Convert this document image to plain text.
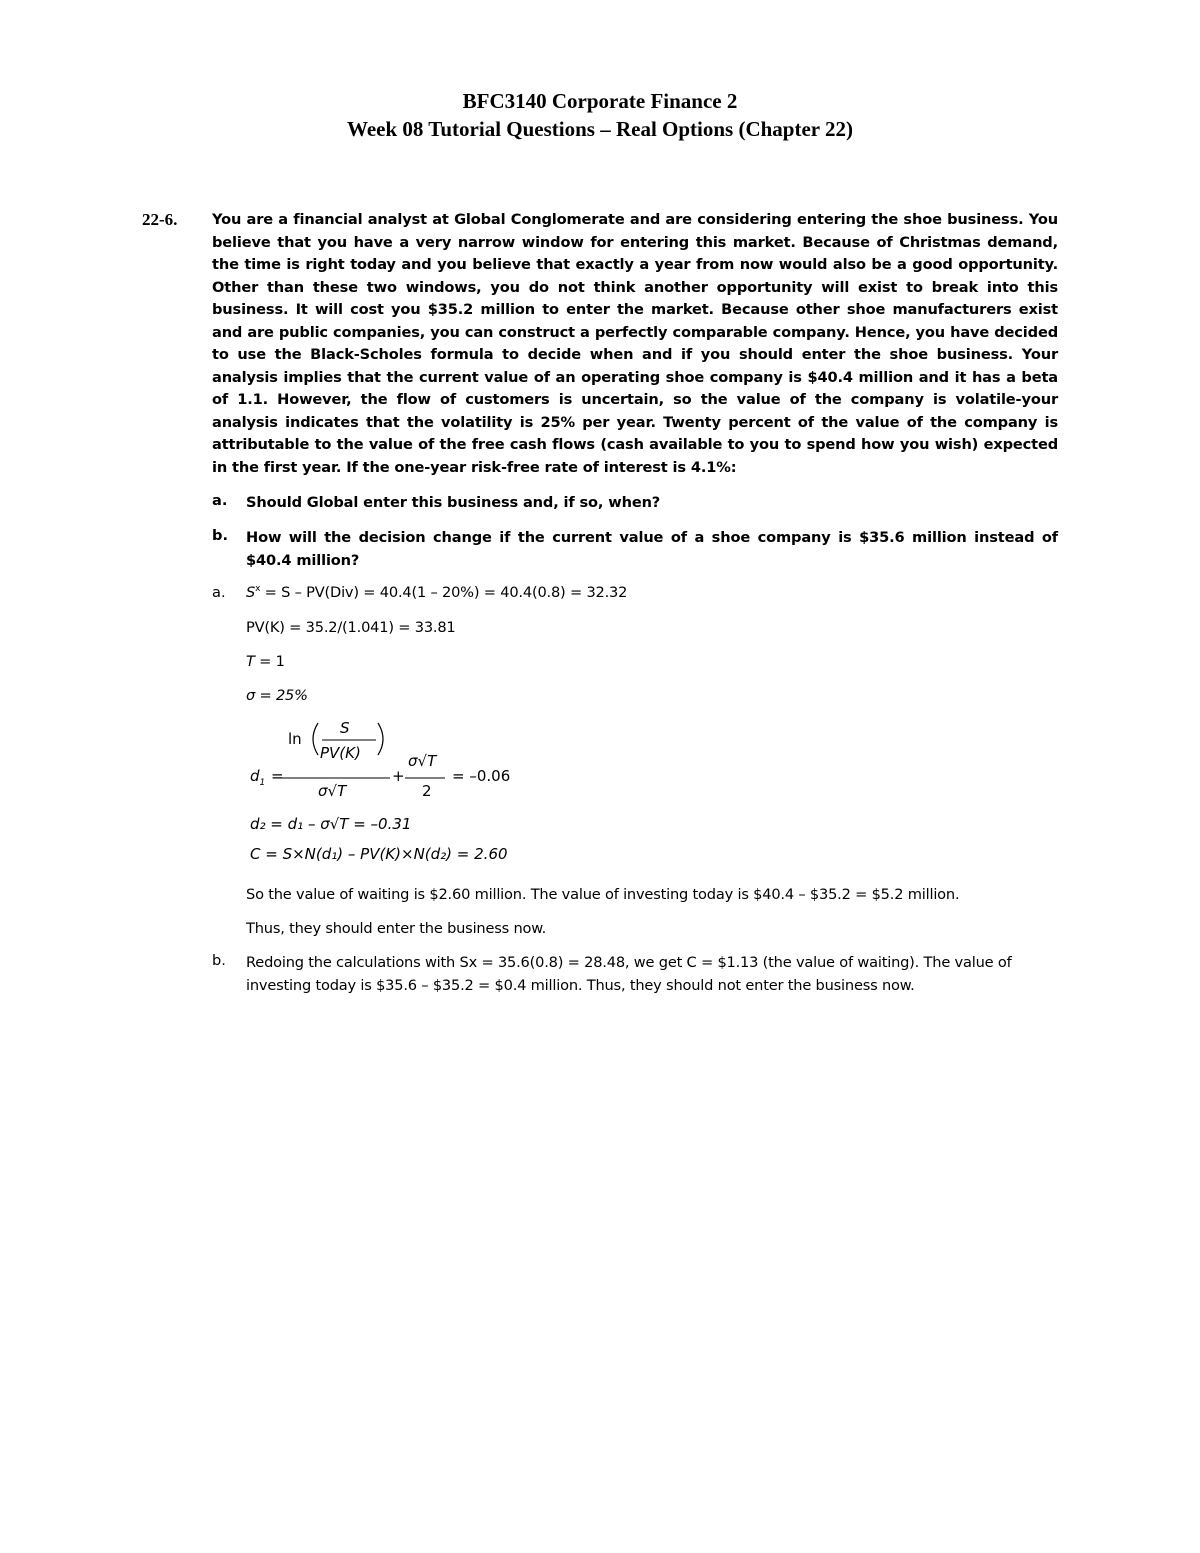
BFC3140 Corporate Finance 2
Week 08 Tutorial Questions – Real Options (Chapter 22)
22-6. You are a financial analyst at Global Conglomerate and are considering entering the shoe business. You believe that you have a very narrow window for entering this market. Because of Christmas demand, the time is right today and you believe that exactly a year from now would also be a good opportunity. Other than these two windows, you do not think another opportunity will exist to break into this business. It will cost you $35.2 million to enter the market. Because other shoe manufacturers exist and are public companies, you can construct a perfectly comparable company. Hence, you have decided to use the Black-Scholes formula to decide when and if you should enter the shoe business. Your analysis implies that the current value of an operating shoe company is $40.4 million and it has a beta of 1.1. However, the flow of customers is uncertain, so the value of the company is volatile-your analysis indicates that the volatility is 25% per year. Twenty percent of the value of the company is attributable to the value of the free cash flows (cash available to you to spend how you wish) expected in the first year. If the one-year risk-free rate of interest is 4.1%:
a. Should Global enter this business and, if so, when?
b. How will the decision change if the current value of a shoe company is $35.6 million instead of $40.4 million?
a. $S^x = S - PV(Div) = 40.4(1 - 20\%) = 40.4(0.8) = 32.32$
PV(K) = 35.2/(1.041) = 33.81
T = 1
σ = 25%
ln
S
PV(K)
$d_1$ =
σ√T
+
σ√T
2
= –0.06
d₂ = d₁ – σ√T = –0.31
C = S×N(d₁) – PV(K)×N(d₂) = 2.60
So the value of waiting is $2.60 million. The value of investing today is $40.4 – $35.2 = $5.2 million.
Thus, they should enter the business now.
b. Redoing the calculations with Sx = 35.6(0.8) = 28.48, we get C = $1.13 (the value of waiting). The value of investing today is $35.6 – $35.2 = $0.4 million. Thus, they should not enter the business now.
